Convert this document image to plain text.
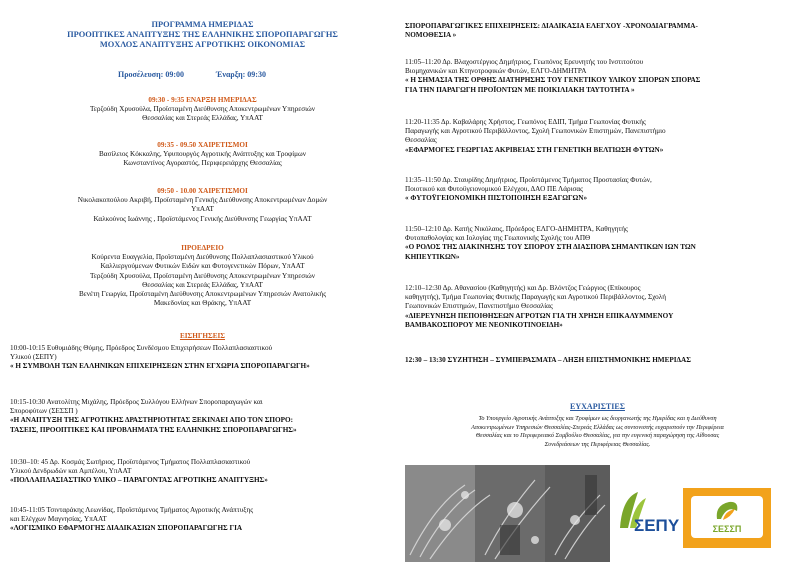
ΠΡΟΓΡΑΜΜΑ ΗΜΕΡΙΔΑΣ

ΠΡΟΟΠΤΙΚΕΣ ΑΝΑΠΤΥΞΗΣ ΤΗΣ ΕΛΛΗΝΙΚΗΣ ΣΠΟΡΟΠΑΡΑΓΩΓΗΣ

ΜΟΧΛΟΣ ΑΝΑΠΤΥΞΗΣ ΑΓΡΟΤΙΚΗΣ ΟΙΚΟΝΟΜΙΑΣ

Προσέλευση: 09:00	Έναρξη: 09:30

09:30 - 9:35 ΕΝΑΡΞΗ ΗΜΕΡΙΔΑΣ

Τερζούδη Χρυσούλα, Προϊσταμένη Διεύθυνσης Αποκεντρωμένων Υπηρεσιών

Θεσσαλίας και Στερεάς Ελλάδας, ΥπΑΑΤ

09:35 - 09.50 ΧΑΙΡΕΤΙΣΜΟΙ

Βασίλειος Κόκκαλης, Υφυπουργός Αγροτικής Ανάπτυξης και Τροφίμων

Κωνσταντίνος Αγοραστός, Περιφερειάρχης Θεσσαλίας

09:50 - 10.00 ΧΑΙΡΕΤΙΣΜΟΙ

Νικολακοπούλου Ακριβή, Προϊσταμένη Γενικής Διεύθυνσης Αποκεντρωμένων Δομών

ΥπΑΑΤ

Καλκούνος Ιωάννης , Προϊστάμενος Γενικής Διεύθυνσης Γεωργίας ΥπΑΑΤ

ΠΡΟΕΔΡΕΙΟ

Κούρεντα Ευαγγελία, Προϊσταμένη Διεύθυνσης Πολλαπλασιαστικού Υλικού

Καλλιεργούμενων Φυτικών Ειδών και Φυτογενετικών Πόρων, ΥπΑΑΤ

Τερζούδη Χρυσούλα, Προϊσταμένη Διεύθυνσης Αποκεντρωμένων Υπηρεσιών

Θεσσαλίας και Στερεάς Ελλάδας, ΥπΑΑΤ

Βενέτη Γεωργία, Προϊσταμένη Διεύθυνσης Αποκεντρωμένων Υπηρεσιών Ανατολικής

Μακεδονίας και Θράκης, ΥπΑΑΤ

ΕΙΣΗΓΗΣΕΙΣ

10:00-10:15 Ευθυμιάδης Θύμης, Πρόεδρος Συνδέσμου Επιχειρήσεων Πολλαπλασιαστικού

Υλικού (ΣΕΠΥ)

« Η ΣΥΜΒΟΛΗ ΤΩΝ ΕΛΛΗΝΙΚΩΝ ΕΠΙΧΕΙΡΗΣΕΩΝ ΣΤΗΝ ΕΓΧΩΡΙΑ ΣΠΟΡΟΠΑΡΑΓΩΓΗ»

10:15-10:30 Ανατολίτης Μιχάλης, Πρόεδρος Συλλόγου Ελλήνων Σποροπαραγωγών και

Σποροφύτων (ΣΕΣΣΠ )

«Η ΑΝΑΠΤΥΞΗ ΤΗΣ ΑΓΡΟΤΙΚΗΣ ΔΡΑΣΤΗΡΙΟΤΗΤΑΣ ΞΕΚΙΝΑΕΙ ΑΠΟ ΤΟΝ ΣΠΟΡΟ:

ΤΑΣΕΙΣ, ΠΡΟΟΠΤΙΚΕΣ ΚΑΙ ΠΡΟΒΛΗΜΑΤΑ ΤΗΣ ΕΛΛΗΝΙΚΗΣ ΣΠΟΡΟΠΑΡΑΓΩΓΗΣ»

10:30–10: 45 Δρ. Κοσμάς Σωτήριος, Προϊστάμενος Τμήματος Πολλαπλασιαστικού

Υλικού Δενδρωδών και Αμπέλου, ΥπΑΑΤ

«ΠΟΛΛΑΠΛΑΣΙΑΣΤΙΚΟ ΥΛΙΚΟ – ΠΑΡΑΓΟΝΤΑΣ ΑΓΡΟΤΙΚΗΣ ΑΝΑΠΤΥΞΗΣ»

10:45-11:05 Τσινταράκης Λεωνίδας, Προϊστάμενος Τμήματος Αγροτικής Ανάπτυξης

και Ελέγχων Μαγνησίας, ΥπΑΑΤ

«ΛΟΓΙΣΜΙΚΟ ΕΦΑΡΜΟΓΗΣ ΔΙΑΔΙΚΑΣΙΩΝ ΣΠΟΡΟΠΑΡΑΓΩΓΗΣ ΓΙΑ

ΣΠΟΡΟΠΑΡΑΓΩΓΙΚΕΣ ΕΠΙΧΕΙΡΗΣΕΙΣ: ΔΙΑΔΙΚΑΣΙΑ ΕΛΕΓΧΟΥ -ΧΡΟΝΟΔΙΑΓΡΑΜΜΑ-

ΝΟΜΟΘΕΣΙΑ »

11:05–11:20 Δρ. Βλαχοστέργιος Δημήτριος, Γεωπόνος Ερευνητής του Ινστιτούτου

Βιομηχανικών και Κτηνοτροφικών Φυτών, ΕΛΓΟ-ΔΗΜΗΤΡΑ

« Η ΣΗΜΑΣΙΑ ΤΗΣ ΟΡΘΗΣ ΔΙΑΤΗΡΗΣΗΣ ΤΟΥ ΓΕΝΕΤΙΚΟΥ ΥΛΙΚΟΥ ΣΠΟΡΩΝ ΣΠΟΡΑΣ

ΓΙΑ ΤΗΝ ΠΑΡΑΓΩΓΗ ΠΡΟΪΟΝΤΩΝ ΜΕ ΠΟΙΚΙΛΙΑΚΗ ΤΑΥΤΟΤΗΤΑ »

11:20-11:35 Δρ. Καβαλάρης Χρήστος, Γεωπόνος ΕΔΙΠ, Τμήμα Γεωπονίας Φυτικής

Παραγωγής και Αγροτικού Περιβάλλοντος, Σχολή Γεωπονικών Επιστημών, Πανεπιστήμιο

Θεσσαλίας

«ΕΦΑΡΜΟΓΕΣ ΓΕΩΡΓΙΑΣ ΑΚΡΙΒΕΙΑΣ ΣΤΗ ΓΕΝΕΤΙΚΗ ΒΕΛΤΙΩΣΗ ΦΥΤΩΝ»

11:35–11:50 Δρ. Σταυρίδης Δημήτριος, Προϊστάμενος Τμήματος Προστασίας Φυτών,

Ποιοτικού και Φυτοϋγειονομικού Ελέγχου, ΔΑΟ ΠΕ Λάρισας

« ΦΥΤΟΫΓΕΙΟΝΟΜΙΚΗ ΠΙΣΤΟΠΟΙΗΣΗ ΕΞΑΓΩΓΩΝ»

11:50–12:10 Δρ. Κατής Νικόλαος, Πρόεδρος ΕΛΓΟ-ΔΗΜΗΤΡΑ, Καθηγητής

Φυτοπαθολογίας και Ιολογίας της Γεωπονικής Σχολής του ΑΠΘ

«Ο ΡΟΛΟΣ ΤΗΣ ΔΙΑΚΙΝΗΣΗΣ ΤΟΥ ΣΠΟΡΟΥ ΣΤΗ ΔΙΑΣΠΟΡΑ ΣΗΜΑΝΤΙΚΩΝ ΙΩΝ ΤΩΝ

ΚΗΠΕΥΤΙΚΩΝ»

12:10–12:30 Δρ. Αθανασίου (Καθηγητής) και Δρ. Βλόντζος Γεώργιος (Επίκουρος

καθηγητής), Τμήμα Γεωπονίας Φυτικής Παραγωγής και Αγροτικού Περιβάλλοντος, Σχολή

Γεωπονικών Επιστημών, Πανεπιστήμιο Θεσσαλίας

«ΔΙΕΡΕΥΝΗΣΗ ΠΕΠΟΙΘΗΣΕΩΝ ΑΓΡΟΤΩΝ ΓΙΑ ΤΗ ΧΡΗΣΗ ΕΠΙΚΑΛΥΜΜΕΝΟΥ

ΒΑΜΒΑΚΟΣΠΟΡΟΥ ΜΕ ΝΕΟΝΙΚΟΤΙΝΟΕΙΔΗ»

12:30 – 13:30 ΣΥΖΗΤΗΣΗ – ΣΥΜΠΕΡΑΣΜΑΤΑ – ΛΗΞΗ ΕΠΙΣΤΗΜΟΝΙΚΗΣ ΗΜΕΡΙΔΑΣ

ΕΥΧΑΡΙΣΤΙΕΣ

Το Υπουργείο Αγροτικής Ανάπτυξης και Τροφίμων ως διοργανωτής της Ημερίδας και η Διεύθυνση

Αποκεντρωμένων Υπηρεσιών Θεσσαλίας-Στερεάς Ελλάδας ως συντονιστής ευχαριστούν την Περιφέρεια

Θεσσαλίας και το Περιφερειακό Συμβούλιο Θεσσαλίας, για την ευγενική παραχώρηση της Αίθουσας

Συνεδριάσεων της Περιφέρειας Θεσσαλίας.

ΣΕΠΥ	ΣΕΣΣΠ
